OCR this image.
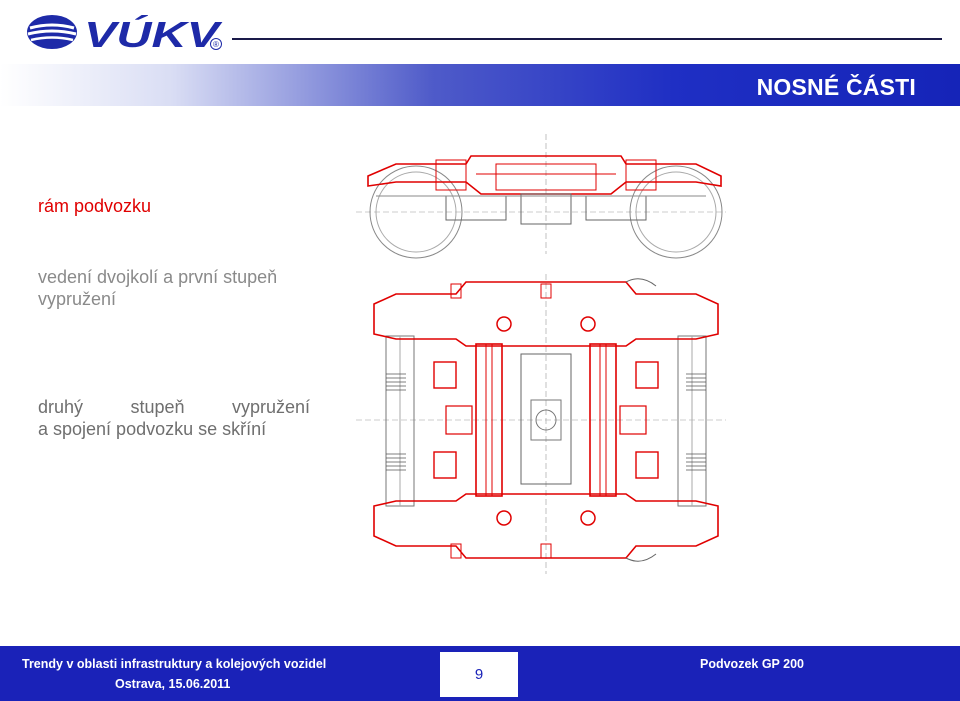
VÚKV
®
NOSNÉ ČÁSTI
rám podvozku
vedení dvojkolí a první stupeň vypružení
druhý	stupeň	vypružení
a spojení podvozku se skříní
Trendy v oblasti infrastruktury a kolejových vozidel
Ostrava, 15.06.2011
9
Podvozek GP 200
